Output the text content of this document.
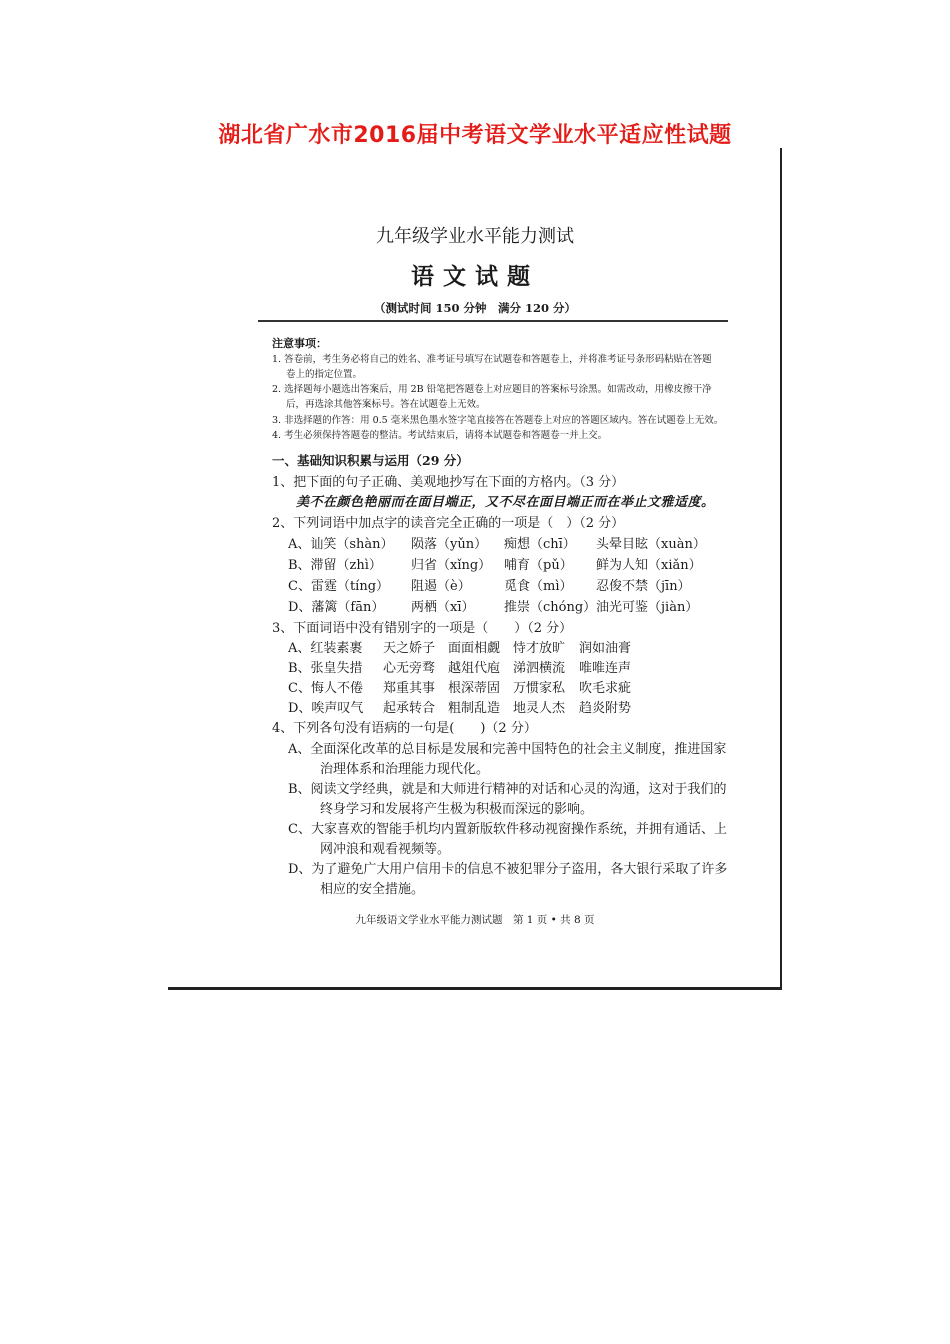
湖北省广水市2016届中考语文学业水平适应性试题
九年级学业水平能力测试
语文试题
（测试时间 150 分钟　满分 120 分）
注意事项：
1. 答卷前，考生务必将自己的姓名、准考证号填写在试题卷和答题卷上，并将准考证号条形码粘贴在答题
卷上的指定位置。
2. 选择题每小题选出答案后，用 2B 铅笔把答题卷上对应题目的答案标号涂黑。如需改动，用橡皮擦干净
后，再选涂其他答案标号。答在试题卷上无效。
3. 非选择题的作答：用 0.5 毫米黑色墨水签字笔直接答在答题卷上对应的答题区域内。答在试题卷上无效。
4. 考生必须保持答题卷的整洁。考试结束后，请将本试题卷和答题卷一并上交。
一、基础知识积累与运用（29 分）
1、把下面的句子正确、美观地抄写在下面的方格内。（3 分）
美不在颜色艳丽而在面目端正，又不尽在面目端正而在举止文雅适度。
2、下列词语中加点字的读音完全正确的一项是（　）（2 分）
A、讪笑（shàn） 陨落（yǔn） 痴想（chī） 头晕目眩（xuàn）
B、滞留（zhì） 归省（xǐng） 哺育（pǔ） 鲜为人知（xiǎn）
C、雷霆（tíng） 阻遏（è）	觅食（mì） 忍俊不禁（jīn）
D、藩篱（fān） 两栖（xī） 推崇（chóng） 油光可鉴（jiàn）
3、下面词语中没有错别字的一项是（　　）（2 分）
A、红装素裹 天之娇子 面面相觑 恃才放旷 润如油膏
B、张皇失措 心无旁骛 越俎代庖 涕泗横流 唯唯连声
C、悔人不倦 郑重其事 根深蒂固 万惯家私 吹毛求疵
D、唉声叹气 起承转合 粗制乱造 地灵人杰 趋炎附势
4、下列各句没有语病的一句是(　　)（2 分）
A、全面深化改革的总目标是发展和完善中国特色的社会主义制度，推进国家
治理体系和治理能力现代化。
B、阅读文学经典，就是和大师进行精神的对话和心灵的沟通，这对于我们的
终身学习和发展将产生极为积极而深远的影响。
C、大家喜欢的智能手机均内置新版软件移动视窗操作系统，并拥有通话、上
网冲浪和观看视频等。
D、为了避免广大用户信用卡的信息不被犯罪分子盗用，各大银行采取了许多
相应的安全措施。
九年级语文学业水平能力测试题　第 1 页 • 共 8 页
